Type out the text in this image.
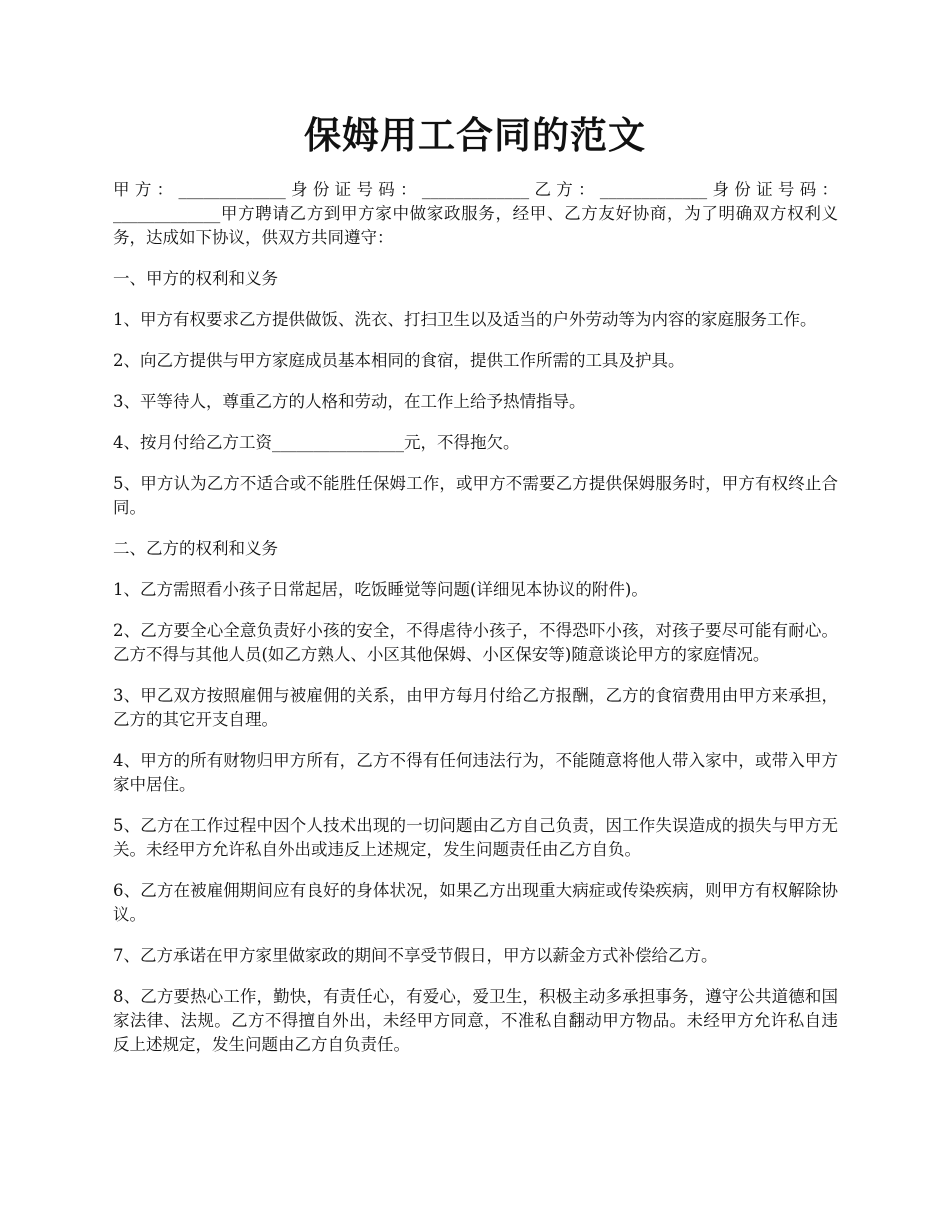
保姆用工合同的范文

甲方：_____________身份证号码：_____________乙方：_____________身份证号码：_____________甲方聘请乙方到甲方家中做家政服务，经甲、乙方友好协商，为了明确双方权利义务，达成如下协议，供双方共同遵守：

一、甲方的权利和义务

1、甲方有权要求乙方提供做饭、洗衣、打扫卫生以及适当的户外劳动等为内容的家庭服务工作。

2、向乙方提供与甲方家庭成员基本相同的食宿，提供工作所需的工具及护具。

3、平等待人，尊重乙方的人格和劳动，在工作上给予热情指导。

4、按月付给乙方工资________________元，不得拖欠。

5、甲方认为乙方不适合或不能胜任保姆工作，或甲方不需要乙方提供保姆服务时，甲方有权终止合同。

二、乙方的权利和义务

1、乙方需照看小孩子日常起居，吃饭睡觉等问题(详细见本协议的附件)。

2、乙方要全心全意负责好小孩的安全，不得虐待小孩子，不得恐吓小孩，对孩子要尽可能有耐心。乙方不得与其他人员(如乙方熟人、小区其他保姆、小区保安等)随意谈论甲方的家庭情况。

3、甲乙双方按照雇佣与被雇佣的关系，由甲方每月付给乙方报酬，乙方的食宿费用由甲方来承担，乙方的其它开支自理。

4、甲方的所有财物归甲方所有，乙方不得有任何违法行为，不能随意将他人带入家中，或带入甲方家中居住。

5、乙方在工作过程中因个人技术出现的一切问题由乙方自己负责，因工作失误造成的损失与甲方无关。未经甲方允许私自外出或违反上述规定，发生问题责任由乙方自负。

6、乙方在被雇佣期间应有良好的身体状况，如果乙方出现重大病症或传染疾病，则甲方有权解除协议。

7、乙方承诺在甲方家里做家政的期间不享受节假日，甲方以薪金方式补偿给乙方。

8、乙方要热心工作，勤快，有责任心，有爱心，爱卫生，积极主动多承担事务，遵守公共道德和国家法律、法规。乙方不得擅自外出，未经甲方同意，不准私自翻动甲方物品。未经甲方允许私自违反上述规定，发生问题由乙方自负责任。
